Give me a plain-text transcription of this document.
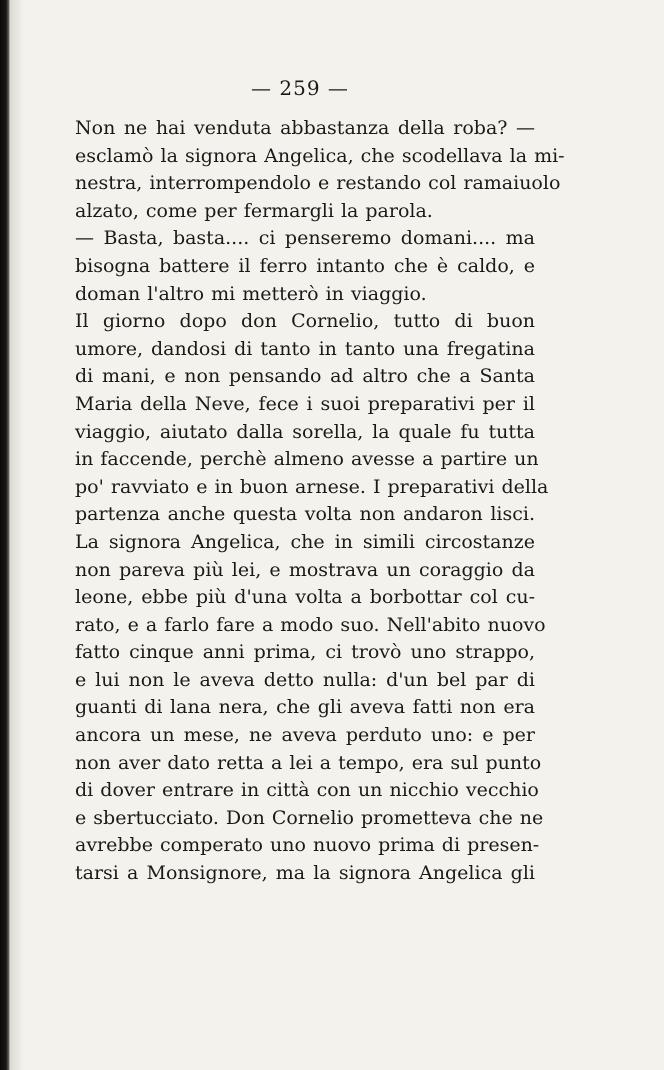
— 259 —
Non ne hai venduta abbastanza della roba? —
esclamò la signora Angelica, che scodellava la mi-
nestra, interrompendolo e restando col ramaiuolo
alzato, come per fermargli la parola.
— Basta, basta.... ci penseremo domani.... ma
bisogna battere il ferro intanto che è caldo, e
doman l'altro mi metterò in viaggio.
Il giorno dopo don Cornelio, tutto di buon
umore, dandosi di tanto in tanto una fregatina
di mani, e non pensando ad altro che a Santa
Maria della Neve, fece i suoi preparativi per il
viaggio, aiutato dalla sorella, la quale fu tutta
in faccende, perchè almeno avesse a partire un
po' ravviato e in buon arnese. I preparativi della
partenza anche questa volta non andaron lisci.
La signora Angelica, che in simili circostanze
non pareva più lei, e mostrava un coraggio da
leone, ebbe più d'una volta a borbottar col cu-
rato, e a farlo fare a modo suo. Nell'abito nuovo
fatto cinque anni prima, ci trovò uno strappo,
e lui non le aveva detto nulla: d'un bel par di
guanti di lana nera, che gli aveva fatti non era
ancora un mese, ne aveva perduto uno: e per
non aver dato retta a lei a tempo, era sul punto
di dover entrare in città con un nicchio vecchio
e sbertucciato. Don Cornelio prometteva che ne
avrebbe comperato uno nuovo prima di presen-
tarsi a Monsignore, ma la signora Angelica gli
